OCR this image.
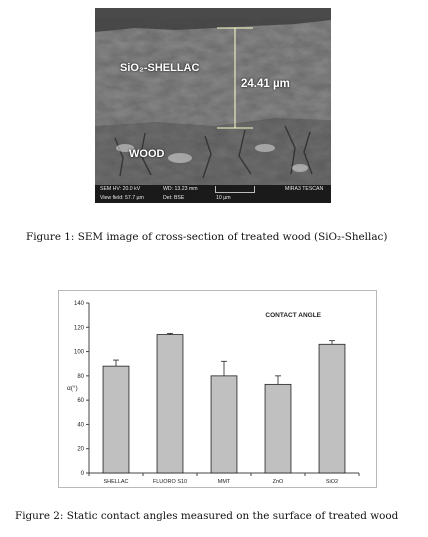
SiO₂-SHELLAC
24.41 µm
WOOD
SEM HV: 20.0 kV	WD: 13.23 mm	MIRA3 TESCAN
View field: 57.7 µm	Det: BSE	10 µm
Figure 1: SEM image of cross-section of treated wood (SiO₂-Shellac)
0
20
40
60
80
100
120
140
α(°)
CONTACT ANGLE
SHELLAC	FLUORO S10	MMT	ZnO	SiO2
Figure 2: Static contact angles measured on the surface of treated wood
